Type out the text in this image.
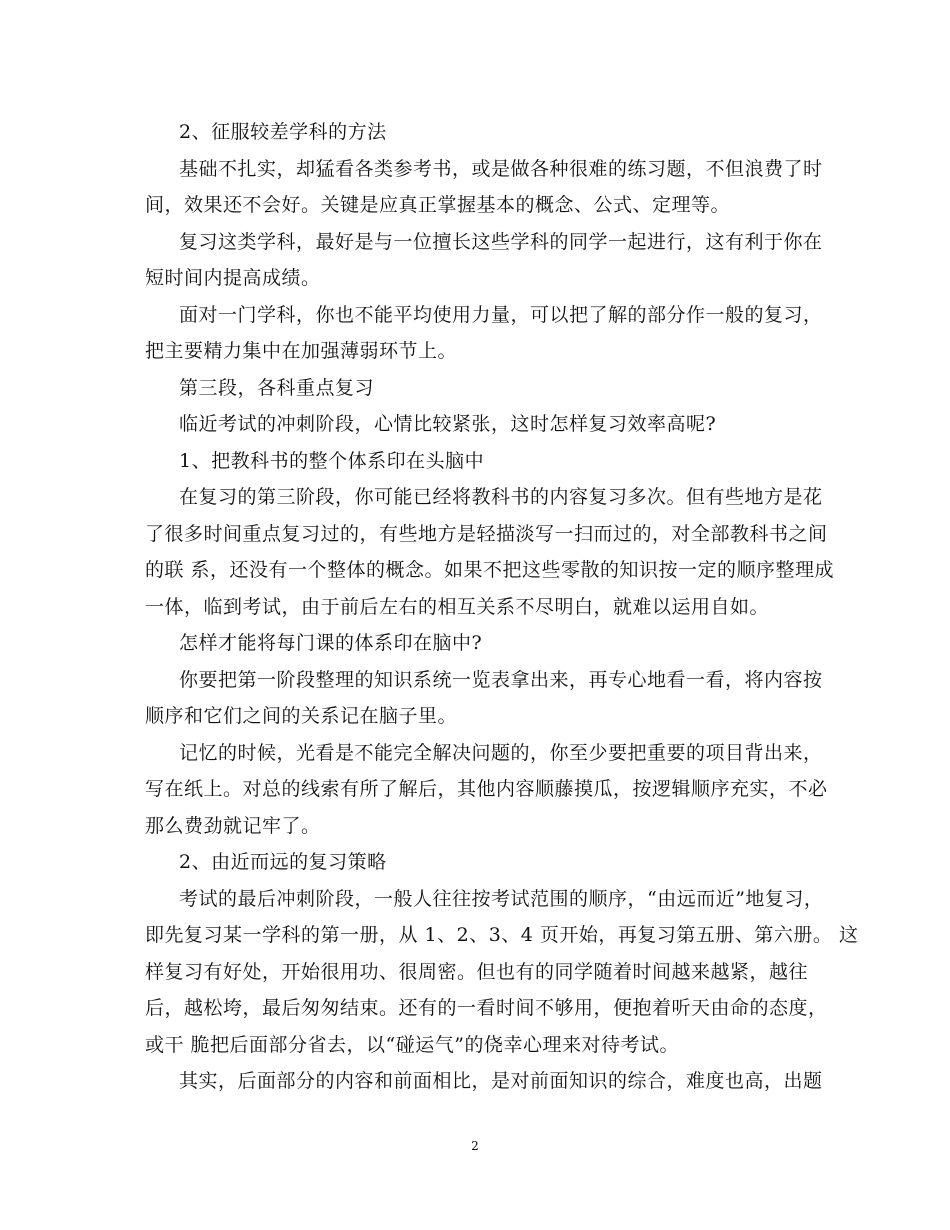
2、征服较差学科的方法
基础不扎实，却猛看各类参考书，或是做各种很难的练习题，不但浪费了时
间，效果还不会好。关键是应真正掌握基本的概念、公式、定理等。
复习这类学科，最好是与一位擅长这些学科的同学一起进行，这有利于你在
短时间内提高成绩。
面对一门学科，你也不能平均使用力量，可以把了解的部分作一般的复习，
把主要精力集中在加强薄弱环节上。
第三段，各科重点复习
临近考试的冲刺阶段，心情比较紧张，这时怎样复习效率高呢?
1、把教科书的整个体系印在头脑中
在复习的第三阶段，你可能已经将教科书的内容复习多次。但有些地方是花
了很多时间重点复习过的，有些地方是轻描淡写一扫而过的，对全部教科书之间
的联 系，还没有一个整体的概念。如果不把这些零散的知识按一定的顺序整理成
一体，临到考试，由于前后左右的相互关系不尽明白，就难以运用自如。
怎样才能将每门课的体系印在脑中?
你要把第一阶段整理的知识系统一览表拿出来，再专心地看一看，将内容按
顺序和它们之间的关系记在脑子里。
记忆的时候，光看是不能完全解决问题的，你至少要把重要的项目背出来，
写在纸上。对总的线索有所了解后，其他内容顺藤摸瓜，按逻辑顺序充实，不必
那么费劲就记牢了。
2、由近而远的复习策略
考试的最后冲刺阶段，一般人往往按考试范围的顺序，“由远而近”地复习，
即先复习某一学科的第一册，从 1、2、3、4 页开始，再复习第五册、第六册。 这
样复习有好处，开始很用功、很周密。但也有的同学随着时间越来越紧，越往
后，越松垮，最后匆匆结束。还有的一看时间不够用，便抱着听天由命的态度，
或干 脆把后面部分省去，以“碰运气”的侥幸心理来对待考试。
其实，后面部分的内容和前面相比，是对前面知识的综合，难度也高，出题
2
